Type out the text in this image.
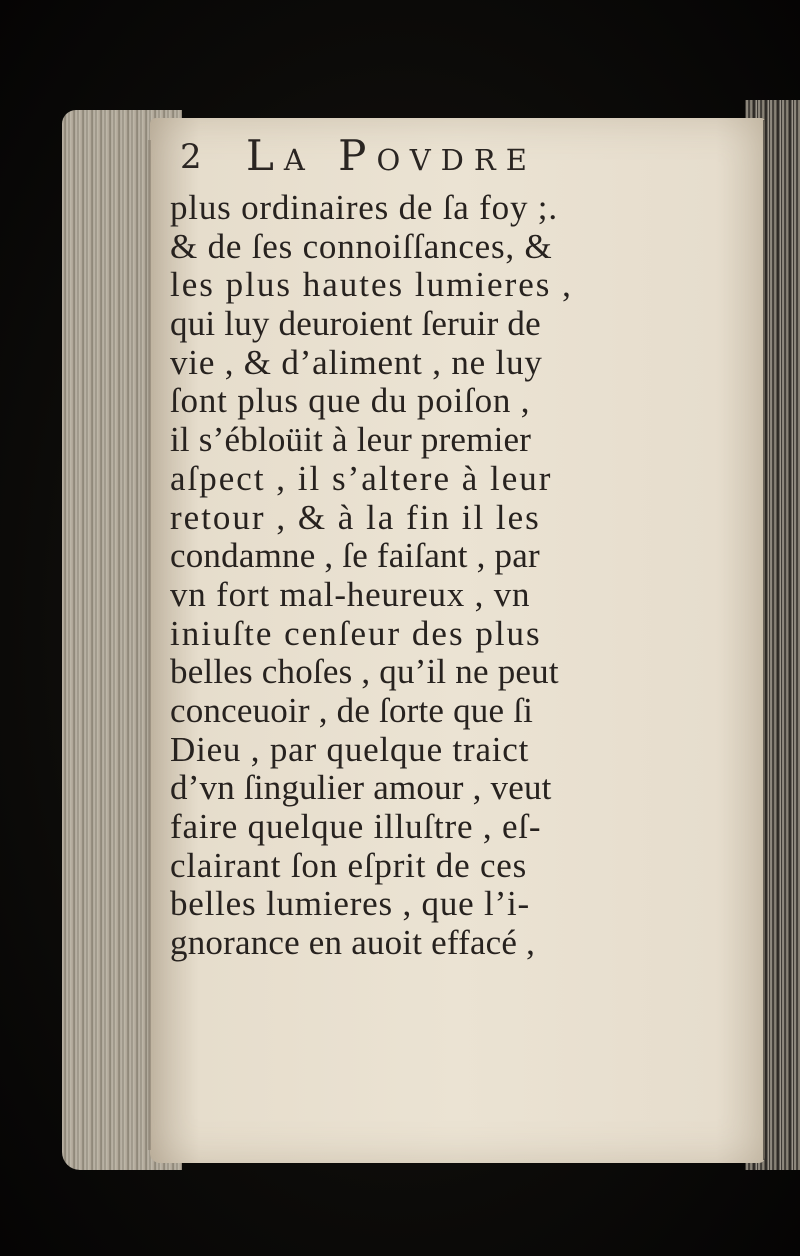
2 La Povdre
plus ordinaires de ſa foy ;.
& de ſes connoiſſances, &
les plus hautes lumieres ,
qui luy deuroient ſeruir de
vie , & d’aliment , ne luy
ſont plus que du poiſon ,
il s’ébloüit à leur premier
aſpect , il s’altere à leur
retour , & à la fin il les
condamne , ſe faiſant , par
vn fort mal-heureux , vn
iniuſte cenſeur des plus
belles choſes , qu’il ne peut
conceuoir , de ſorte que ſi
Dieu , par quelque traict
d’vn ſingulier amour , veut
faire quelque illuſtre , eſ-
clairant ſon eſprit de ces
belles lumieres , que l’i-
gnorance en auoit effacé ,
